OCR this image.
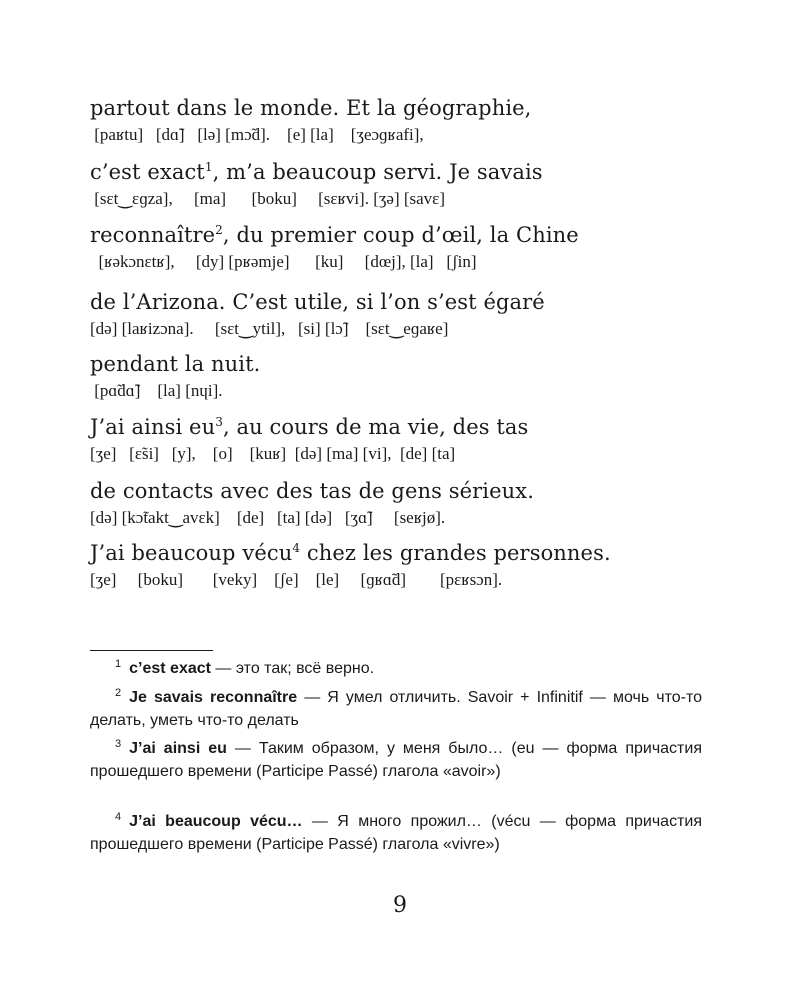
partout dans le monde. Et la géographie,
[paʁtu]   [dɑ̃]   [lə] [mɔ̃d].    [e] [la]    [ʒeɔɡʁafi],
c’est exact$^1$, m’a beaucoup servi. Je savais
[sɛt‿ɛɡza],     [ma]      [boku]     [sɛʁvi]. [ʒə] [savɛ]
reconnaître$^2$, du premier coup d’œil, la Chine
[ʁəkɔnɛtʁ],     [dy] [pʁəmje]      [ku]     [dœj], [la]   [ʃin]
de l’Arizona. C’est utile, si l’on s’est égaré
[də] [laʁizɔna].     [sɛt‿ytil],   [si] [lɔ̃]    [sɛt‿eɡaʁe]
pendant la nuit.
[pɑ̃dɑ̃]    [la] [nɥi].
J’ai ainsi $eu^3$, au cours de ma vie, des tas
[ʒe]   [ɛ̃si]   [y],    [o]    [kuʁ]  [də] [ma] [vi],  [de] [ta]
de contacts avec des tas de gens sérieux.
[də] [kɔ̃takt‿avɛk]    [de]   [ta] [də]   [ʒɑ̃]     [seʁjø].
J’ai beaucoup vécu$^4$ chez les grandes personnes.
[ʒe]     [boku]       [veky]    [ʃe]    [le]     [ɡʁɑ̃d]        [pɛʁsɔn].
$^1$ c’est exact — это так; всё верно.
$^2$ Je savais reconnaître — Я умел отличить. Savoir + Infinitif — мочь что-то делать, уметь что-то делать
$^3$ J’ai ainsi eu — Таким образом, у меня было… (eu — форма причастия прошедшего времени (Participe Passé) глагола «avoir»)
$^4$ J’ai beaucoup vécu… — Я много прожил… (vécu — форма причастия прошедшего времени (Participe Passé) глагола «vivre»)
9
